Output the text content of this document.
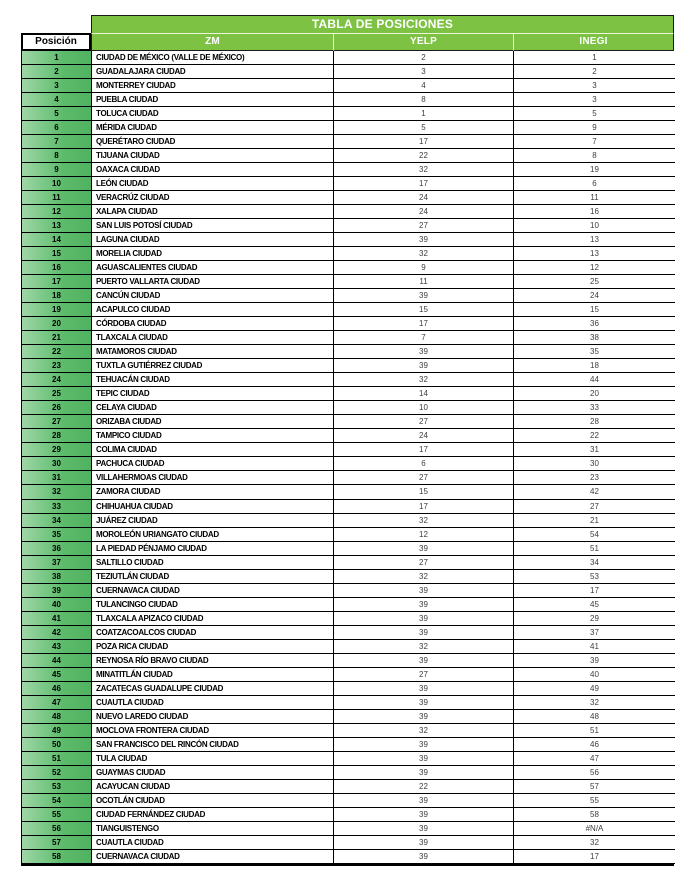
TABLA DE POSICIONES
Posición	ZM	YELP	INEGI
1	CIUDAD DE MÉXICO (VALLE DE MÉXICO)	2	1
2	GUADALAJARA CIUDAD	3	2
3	MONTERREY CIUDAD	4	3
4	PUEBLA CIUDAD	8	3
5	TOLUCA CIUDAD	1	5
6	MÉRIDA CIUDAD	5	9
7	QUERÉTARO CIUDAD	17	7
8	TIJUANA CIUDAD	22	8
9	OAXACA CIUDAD	32	19
10	LEÓN CIUDAD	17	6
11	VERACRÚZ CIUDAD	24	11
12	XALAPA CIUDAD	24	16
13	SAN LUIS POTOSÍ CIUDAD	27	10
14	LAGUNA CIUDAD	39	13
15	MORELIA CIUDAD	32	13
16	AGUASCALIENTES CIUDAD	9	12
17	PUERTO VALLARTA CIUDAD	11	25
18	CANCÚN CIUDAD	39	24
19	ACAPULCO CIUDAD	15	15
20	CÓRDOBA CIUDAD	17	36
21	TLAXCALA CIUDAD	7	38
22	MATAMOROS CIUDAD	39	35
23	TUXTLA GUTIÉRREZ CIUDAD	39	18
24	TEHUACÁN CIUDAD	32	44
25	TEPIC CIUDAD	14	20
26	CELAYA CIUDAD	10	33
27	ORIZABA CIUDAD	27	28
28	TAMPICO CIUDAD	24	22
29	COLIMA CIUDAD	17	31
30	PACHUCA CIUDAD	6	30
31	VILLAHERMOAS CIUDAD	27	23
32	ZAMORA CIUDAD	15	42
33	CHIHUAHUA CIUDAD	17	27
34	JUÁREZ CIUDAD	32	21
35	MOROLEÓN URIANGATO CIUDAD	12	54
36	LA PIEDAD PÉNJAMO CIUDAD	39	51
37	SALTILLO CIUDAD	27	34
38	TEZIUTLÁN CIUDAD	32	53
39	CUERNAVACA CIUDAD	39	17
40	TULANCINGO CIUDAD	39	45
41	TLAXCALA APIZACO CIUDAD	39	29
42	COATZACOALCOS CIUDAD	39	37
43	POZA RICA CIUDAD	32	41
44	REYNOSA RÍO BRAVO CIUDAD	39	39
45	MINATITLÁN CIUDAD	27	40
46	ZACATECAS GUADALUPE CIUDAD	39	49
47	CUAUTLA CIUDAD	39	32
48	NUEVO LAREDO CIUDAD	39	48
49	MOCLOVA FRONTERA CIUDAD	32	51
50	SAN FRANCISCO DEL RINCÓN CIUDAD	39	46
51	TULA CIUDAD	39	47
52	GUAYMAS CIUDAD	39	56
53	ACAYUCAN CIUDAD	22	57
54	OCOTLÁN CIUDAD	39	55
55	CIUDAD FERNÁNDEZ CIUDAD	39	58
56	TIANGUISTENGO	39	#N/A
57	CUAUTLA CIUDAD	39	32
58	CUERNAVACA CIUDAD	39	17
